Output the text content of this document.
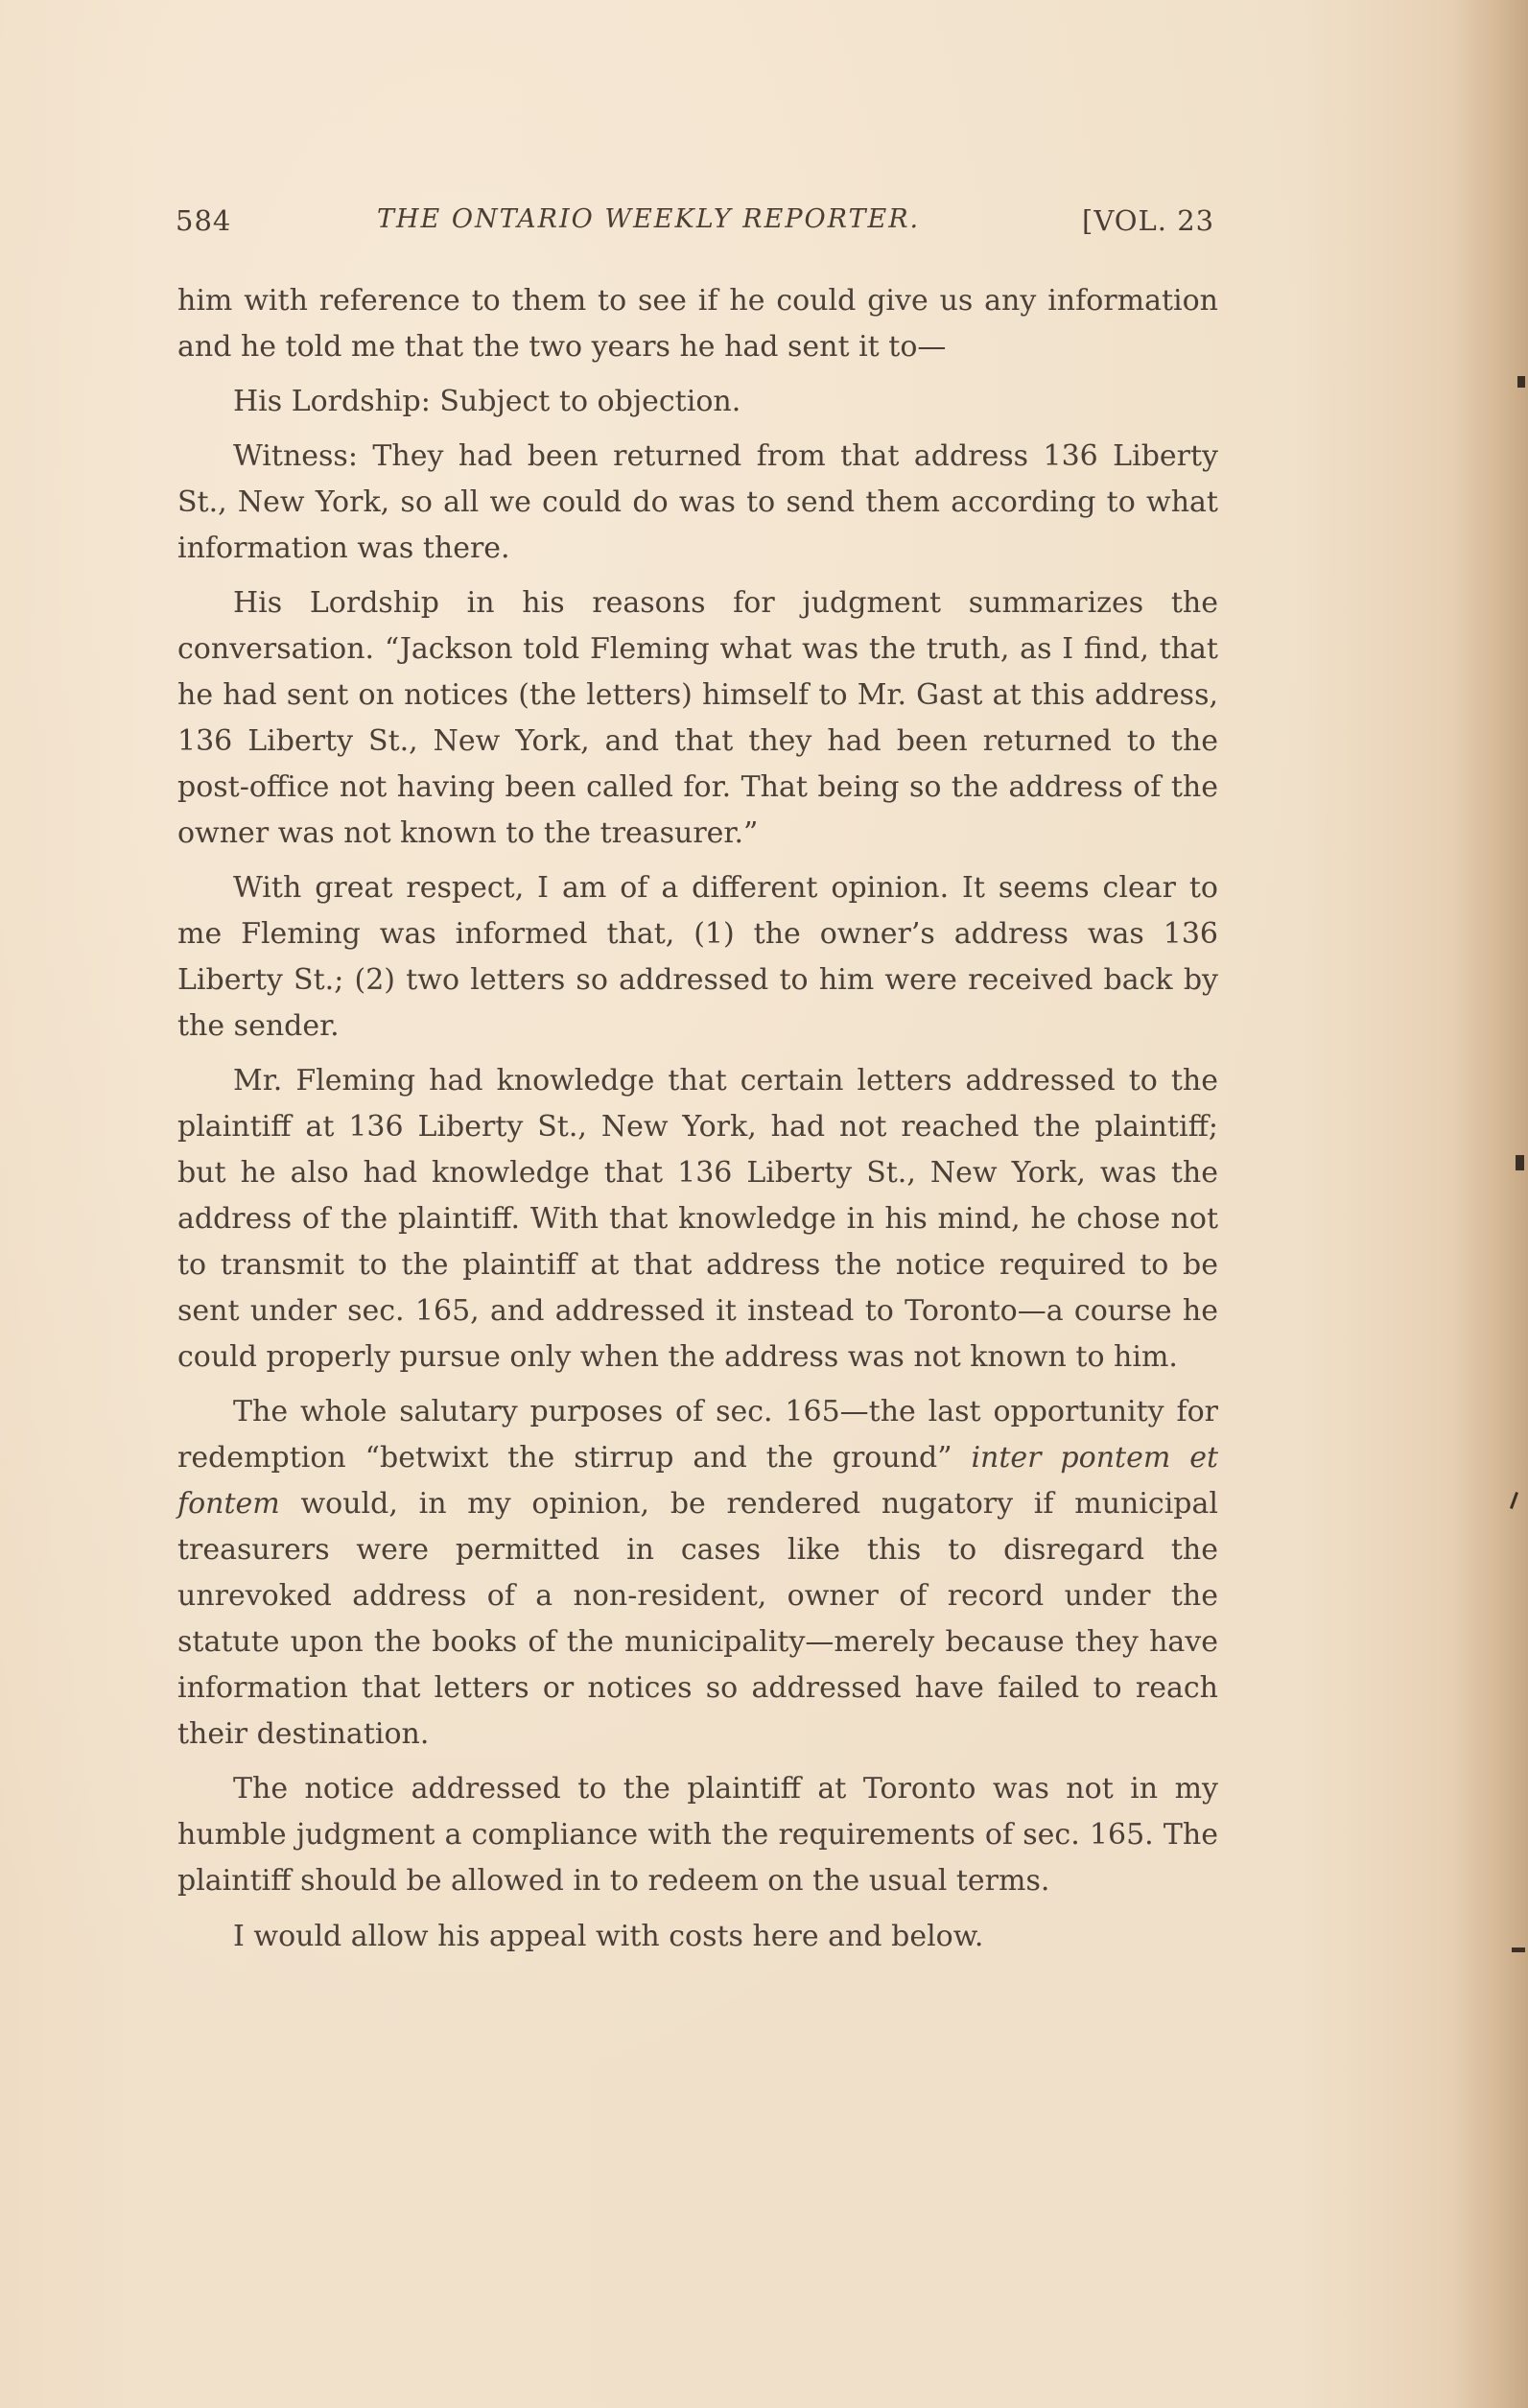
584	THE ONTARIO WEEKLY REPORTER.	[VOL. 23

him with reference to them to see if he could give us any information and he told me that the two years he had sent it to—

His Lordship: Subject to objection.

Witness: They had been returned from that address 136 Liberty St., New York, so all we could do was to send them according to what information was there.

His Lordship in his reasons for judgment summarizes the conversation. “Jackson told Fleming what was the truth, as I find, that he had sent on notices (the letters) himself to Mr. Gast at this address, 136 Liberty St., New York, and that they had been returned to the post-office not having been called for. That being so the address of the owner was not known to the treasurer.”

With great respect, I am of a different opinion. It seems clear to me Fleming was informed that, (1) the owner’s address was 136 Liberty St.; (2) two letters so addressed to him were received back by the sender.

Mr. Fleming had knowledge that certain letters addressed to the plaintiff at 136 Liberty St., New York, had not reached the plaintiff; but he also had knowledge that 136 Liberty St., New York, was the address of the plaintiff. With that knowledge in his mind, he chose not to transmit to the plaintiff at that address the notice required to be sent under sec. 165, and addressed it instead to Toronto—a course he could properly pursue only when the address was not known to him.

The whole salutary purposes of sec. 165—the last opportunity for redemption “betwixt the stirrup and the ground” inter pontem et fontem would, in my opinion, be rendered nugatory if municipal treasurers were permitted in cases like this to disregard the unrevoked address of a non-resident, owner of record under the statute upon the books of the municipality—merely because they have information that letters or notices so addressed have failed to reach their destination.

The notice addressed to the plaintiff at Toronto was not in my humble judgment a compliance with the requirements of sec. 165. The plaintiff should be allowed in to redeem on the usual terms.

I would allow his appeal with costs here and below.
